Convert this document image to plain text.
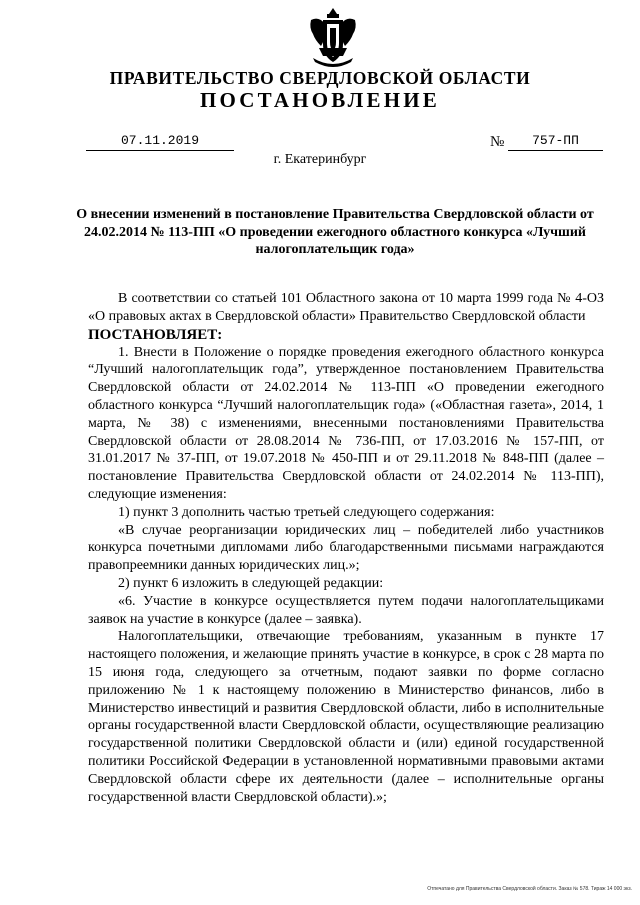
ПРАВИТЕЛЬСТВО СВЕРДЛОВСКОЙ ОБЛАСТИ
ПОСТАНОВЛЕНИЕ
07.11.2019	№	757-ПП
г. Екатеринбург
О внесении изменений в постановление Правительства Свердловской области от 24.02.2014 № 113-ПП «О проведении ежегодного областного конкурса «Лучший налогоплательщик года»

В соответствии со статьей 101 Областного закона от 10 марта 1999 года № 4-ОЗ «О правовых актах в Свердловской области» Правительство Свердловской области

ПОСТАНОВЛЯЕТ:

1. Внести в Положение о порядке проведения ежегодного областного конкурса “Лучший налогоплательщик года”, утвержденное постановлением Правительства Свердловской области от 24.02.2014 № 113-ПП «О проведении ежегодного областного конкурса “Лучший налогоплательщик года» («Областная газета», 2014, 1 марта, № 38) с изменениями, внесенными постановлениями Правительства Свердловской области от 28.08.2014 № 736-ПП, от 17.03.2016 № 157-ПП, от 31.01.2017 № 37-ПП, от 19.07.2018 № 450-ПП и от 29.11.2018 № 848-ПП (далее – постановление Правительства Свердловской области от 24.02.2014 № 113-ПП), следующие изменения:

1) пункт 3 дополнить частью третьей следующего содержания:

«В случае реорганизации юридических лиц – победителей либо участников конкурса почетными дипломами либо благодарственными письмами награждаются правопреемники данных юридических лиц.»;

2) пункт 6 изложить в следующей редакции:

«6. Участие в конкурсе осуществляется путем подачи налогоплательщиками заявок на участие в конкурсе (далее – заявка).

Налогоплательщики, отвечающие требованиям, указанным в пункте 17 настоящего положения, и желающие принять участие в конкурсе, в срок с 28 марта по 15 июня года, следующего за отчетным, подают заявки по форме согласно приложению № 1 к настоящему положению в Министерство финансов, либо в Министерство инвестиций и развития Свердловской области, либо в исполнительные органы государственной власти Свердловской области, осуществляющие реализацию государственной политики Свердловской области и (или) единой государственной политики Российской Федерации в установленной нормативными правовыми актами Свердловской области сфере их деятельности (далее – исполнительные органы государственной власти Свердловской области).»;

Отпечатано для Правительства Свердловской области. Заказ № 578. Тираж 14 000 экз.
